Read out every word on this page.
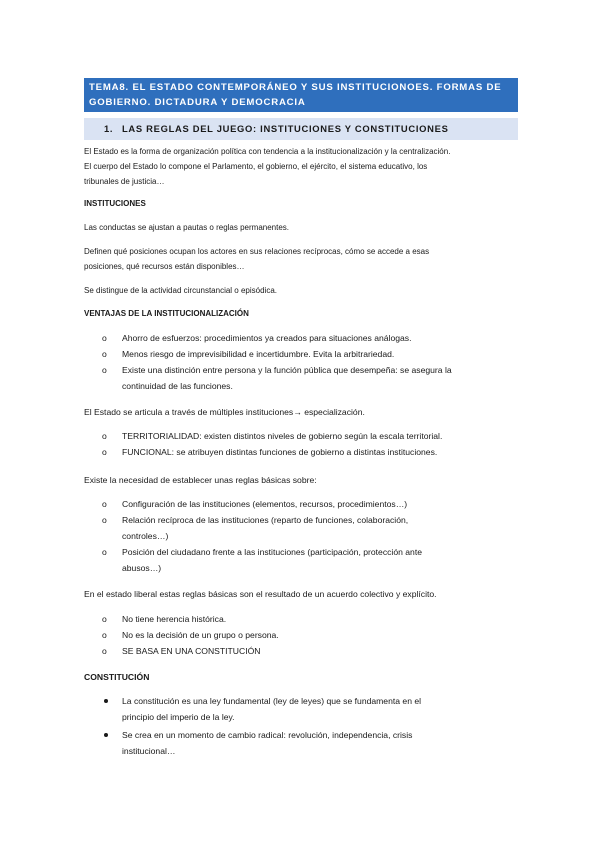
TEMA8. EL ESTADO CONTEMPORÁNEO Y SUS INSTITUCIONOES. FORMAS DE
GOBIERNO. DICTADURA Y DEMOCRACIA
1. LAS REGLAS DEL JUEGO: INSTITUCIONES Y CONSTITUCIONES
El Estado es la forma de organización política con tendencia a la institucionalización y la centralización.
El cuerpo del Estado lo compone el Parlamento, el gobierno, el ejército, el sistema educativo, los
tribunales de justicia…
INSTITUCIONES
Las conductas se ajustan a pautas o reglas permanentes.
Definen qué posiciones ocupan los actores en sus relaciones recíprocas, cómo se accede a esas
posiciones, qué recursos están disponibles…
Se distingue de la actividad circunstancial o episódica.
VENTAJAS DE LA INSTITUCIONALIZACIÓN
o Ahorro de esfuerzos: procedimientos ya creados para situaciones análogas.
o Menos riesgo de imprevisibilidad e incertidumbre. Evita la arbitrariedad.
o Existe una distinción entre persona y la función pública que desempeña: se asegura la
continuidad de las funciones.
El Estado se articula a través de múltiples instituciones→ especialización.
o TERRITORIALIDAD: existen distintos niveles de gobierno según la escala territorial.
o FUNCIONAL: se atribuyen distintas funciones de gobierno a distintas instituciones.
Existe la necesidad de establecer unas reglas básicas sobre:
o Configuración de las instituciones (elementos, recursos, procedimientos…)
o Relación recíproca de las instituciones (reparto de funciones, colaboración,
controles…)
o Posición del ciudadano frente a las instituciones (participación, protección ante
abusos…)
En el estado liberal estas reglas básicas son el resultado de un acuerdo colectivo y explícito.
o No tiene herencia histórica.
o No es la decisión de un grupo o persona.
o SE BASA EN UNA CONSTITUCIÓN
CONSTITUCIÓN
La constitución es una ley fundamental (ley de leyes) que se fundamenta en el
principio del imperio de la ley.
Se crea en un momento de cambio radical: revolución, independencia, crisis
institucional…
